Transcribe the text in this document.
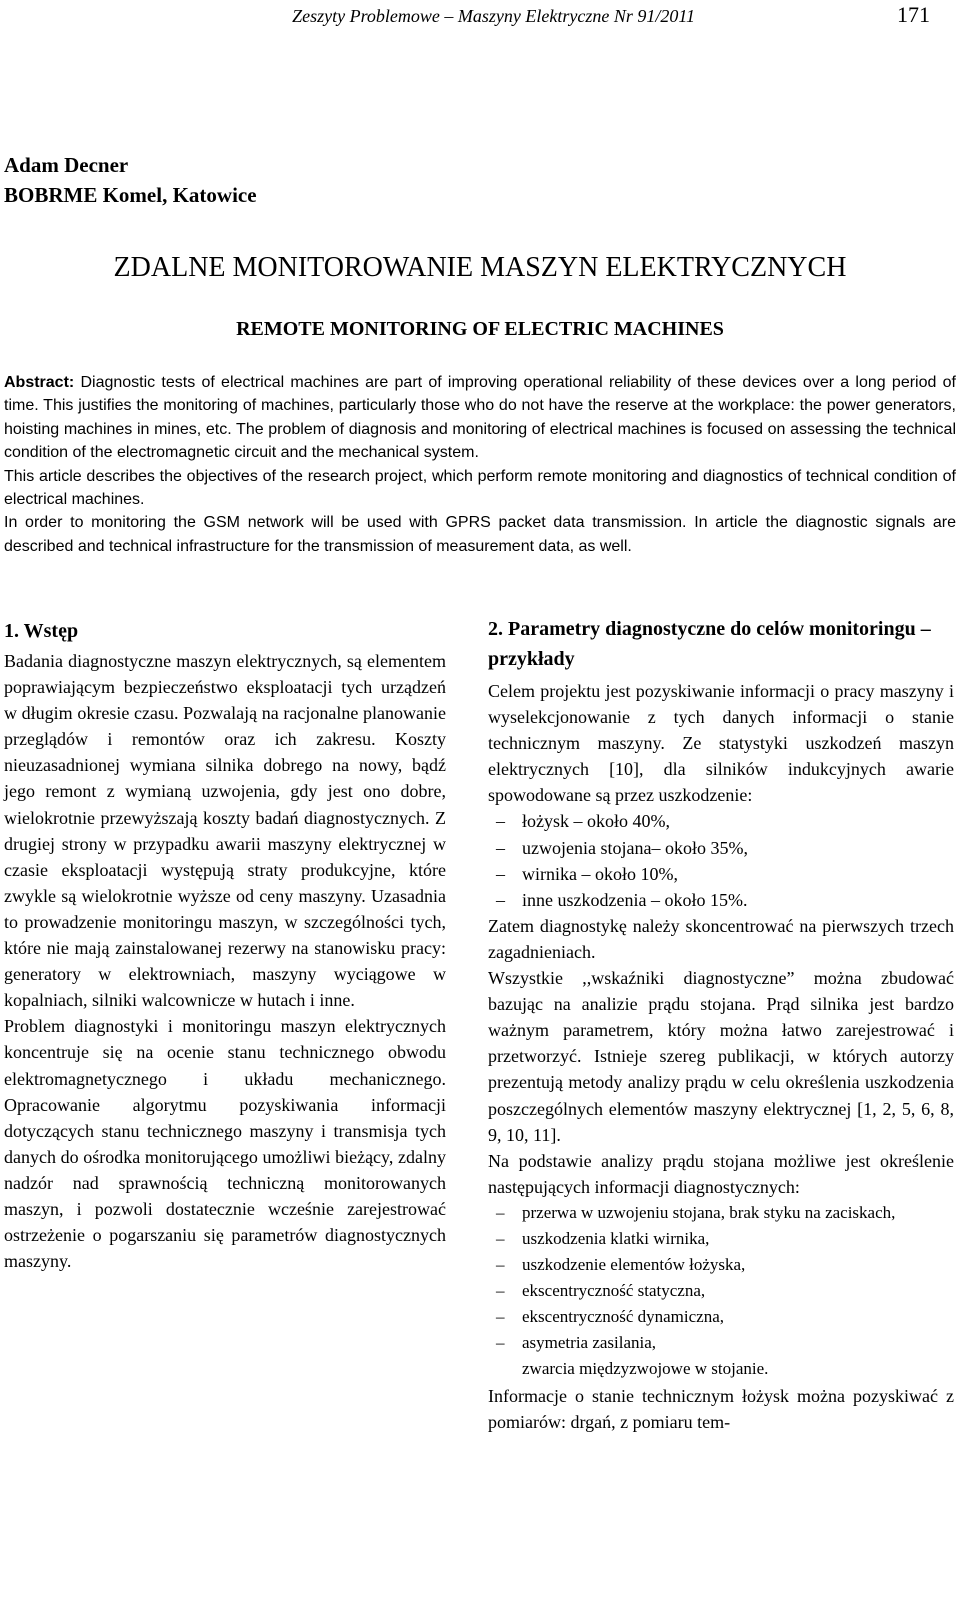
Zeszyty Problemowe – Maszyny Elektryczne Nr 91/2011	171
Adam Decner
BOBRME Komel, Katowice
ZDALNE MONITOROWANIE MASZYN ELEKTRYCZNYCH
REMOTE MONITORING OF ELECTRIC MACHINES

Abstract: Diagnostic tests of electrical machines are part of improving operational reliability of these devices over a long period of time. This justifies the monitoring of machines, particularly those who do not have the reserve at the workplace: the power generators, hoisting machines in mines, etc. The problem of diagnosis and monitoring of electrical machines is focused on assessing the technical condition of the electromagnetic circuit and the mechanical system.

This article describes the objectives of the research project, which perform remote monitoring and diagnostics of technical condition of electrical machines.

In order to monitoring the GSM network will be used with GPRS packet data transmission. In article the diagnostic signals are described and technical infrastructure for the transmission of measurement data, as well.

1. Wstęp

Badania diagnostyczne maszyn elektrycznych, są elementem poprawiającym bezpieczeństwo eksploatacji tych urządzeń w długim okresie czasu. Pozwalają na racjonalne planowanie przeglądów i remontów oraz ich zakresu. Koszty nieuzasadnionej wymiana silnika dobrego na nowy, bądź jego remont z wymianą uzwojenia, gdy jest ono dobre, wielokrotnie przewyższają koszty badań diagnostycznych. Z drugiej strony w przypadku awarii maszyny elektrycznej w czasie eksploatacji występują straty produkcyjne, które zwykle są wielokrotnie wyższe od ceny maszyny. Uzasadnia to prowadzenie monitoringu maszyn, w szczególności tych, które nie mają zainstalowanej rezerwy na stanowisku pracy: generatory w elektrowniach, maszyny wyciągowe w kopalniach, silniki walcownicze w hutach i inne.

Problem diagnostyki i monitoringu maszyn elektrycznych koncentruje się na ocenie stanu technicznego obwodu elektromagnetycznego i układu mechanicznego. Opracowanie algorytmu pozyskiwania informacji dotyczących stanu technicznego maszyny i transmisja tych danych do ośrodka monitorującego umożliwi bieżący, zdalny nadzór nad sprawnością techniczną monitorowanych maszyn, i pozwoli dostatecznie wcześnie zarejestrować ostrzeżenie o pogarszaniu się parametrów diagnostycznych maszyny.

2. Parametry diagnostyczne do celów monitoringu – przykłady

Celem projektu jest pozyskiwanie informacji o pracy maszyny i wyselekcjonowanie z tych danych informacji o stanie technicznym maszyny. Ze statystyki uszkodzeń maszyn elektrycznych [10], dla silników indukcyjnych awarie spowodowane są przez uszkodzenie:

– łożysk – około 40%,
– uzwojenia stojana– około 35%,
– wirnika – około 10%,
– inne uszkodzenia – około 15%.

Zatem diagnostykę należy skoncentrować na pierwszych trzech zagadnieniach.

Wszystkie ,,wskaźniki diagnostyczne” można zbudować bazując na analizie prądu stojana. Prąd silnika jest bardzo ważnym parametrem, który można łatwo zarejestrować i przetworzyć. Istnieje szereg publikacji, w których autorzy prezentują metody analizy prądu w celu określenia uszkodzenia poszczególnych elementów maszyny elektrycznej [1, 2, 5, 6, 8, 9, 10, 11].

Na podstawie analizy prądu stojana możliwe jest określenie następujących informacji diagnostycznych:

– przerwa w uzwojeniu stojana, brak styku na zaciskach,
– uszkodzenia klatki wirnika,
– uszkodzenie elementów łożyska,
– ekscentryczność statyczna,
– ekscentryczność dynamiczna,
– asymetria zasilania,
zwarcia międzyzwojowe w stojanie.

Informacje o stanie technicznym łożysk można pozyskiwać z pomiarów: drgań, z pomiaru tem-
